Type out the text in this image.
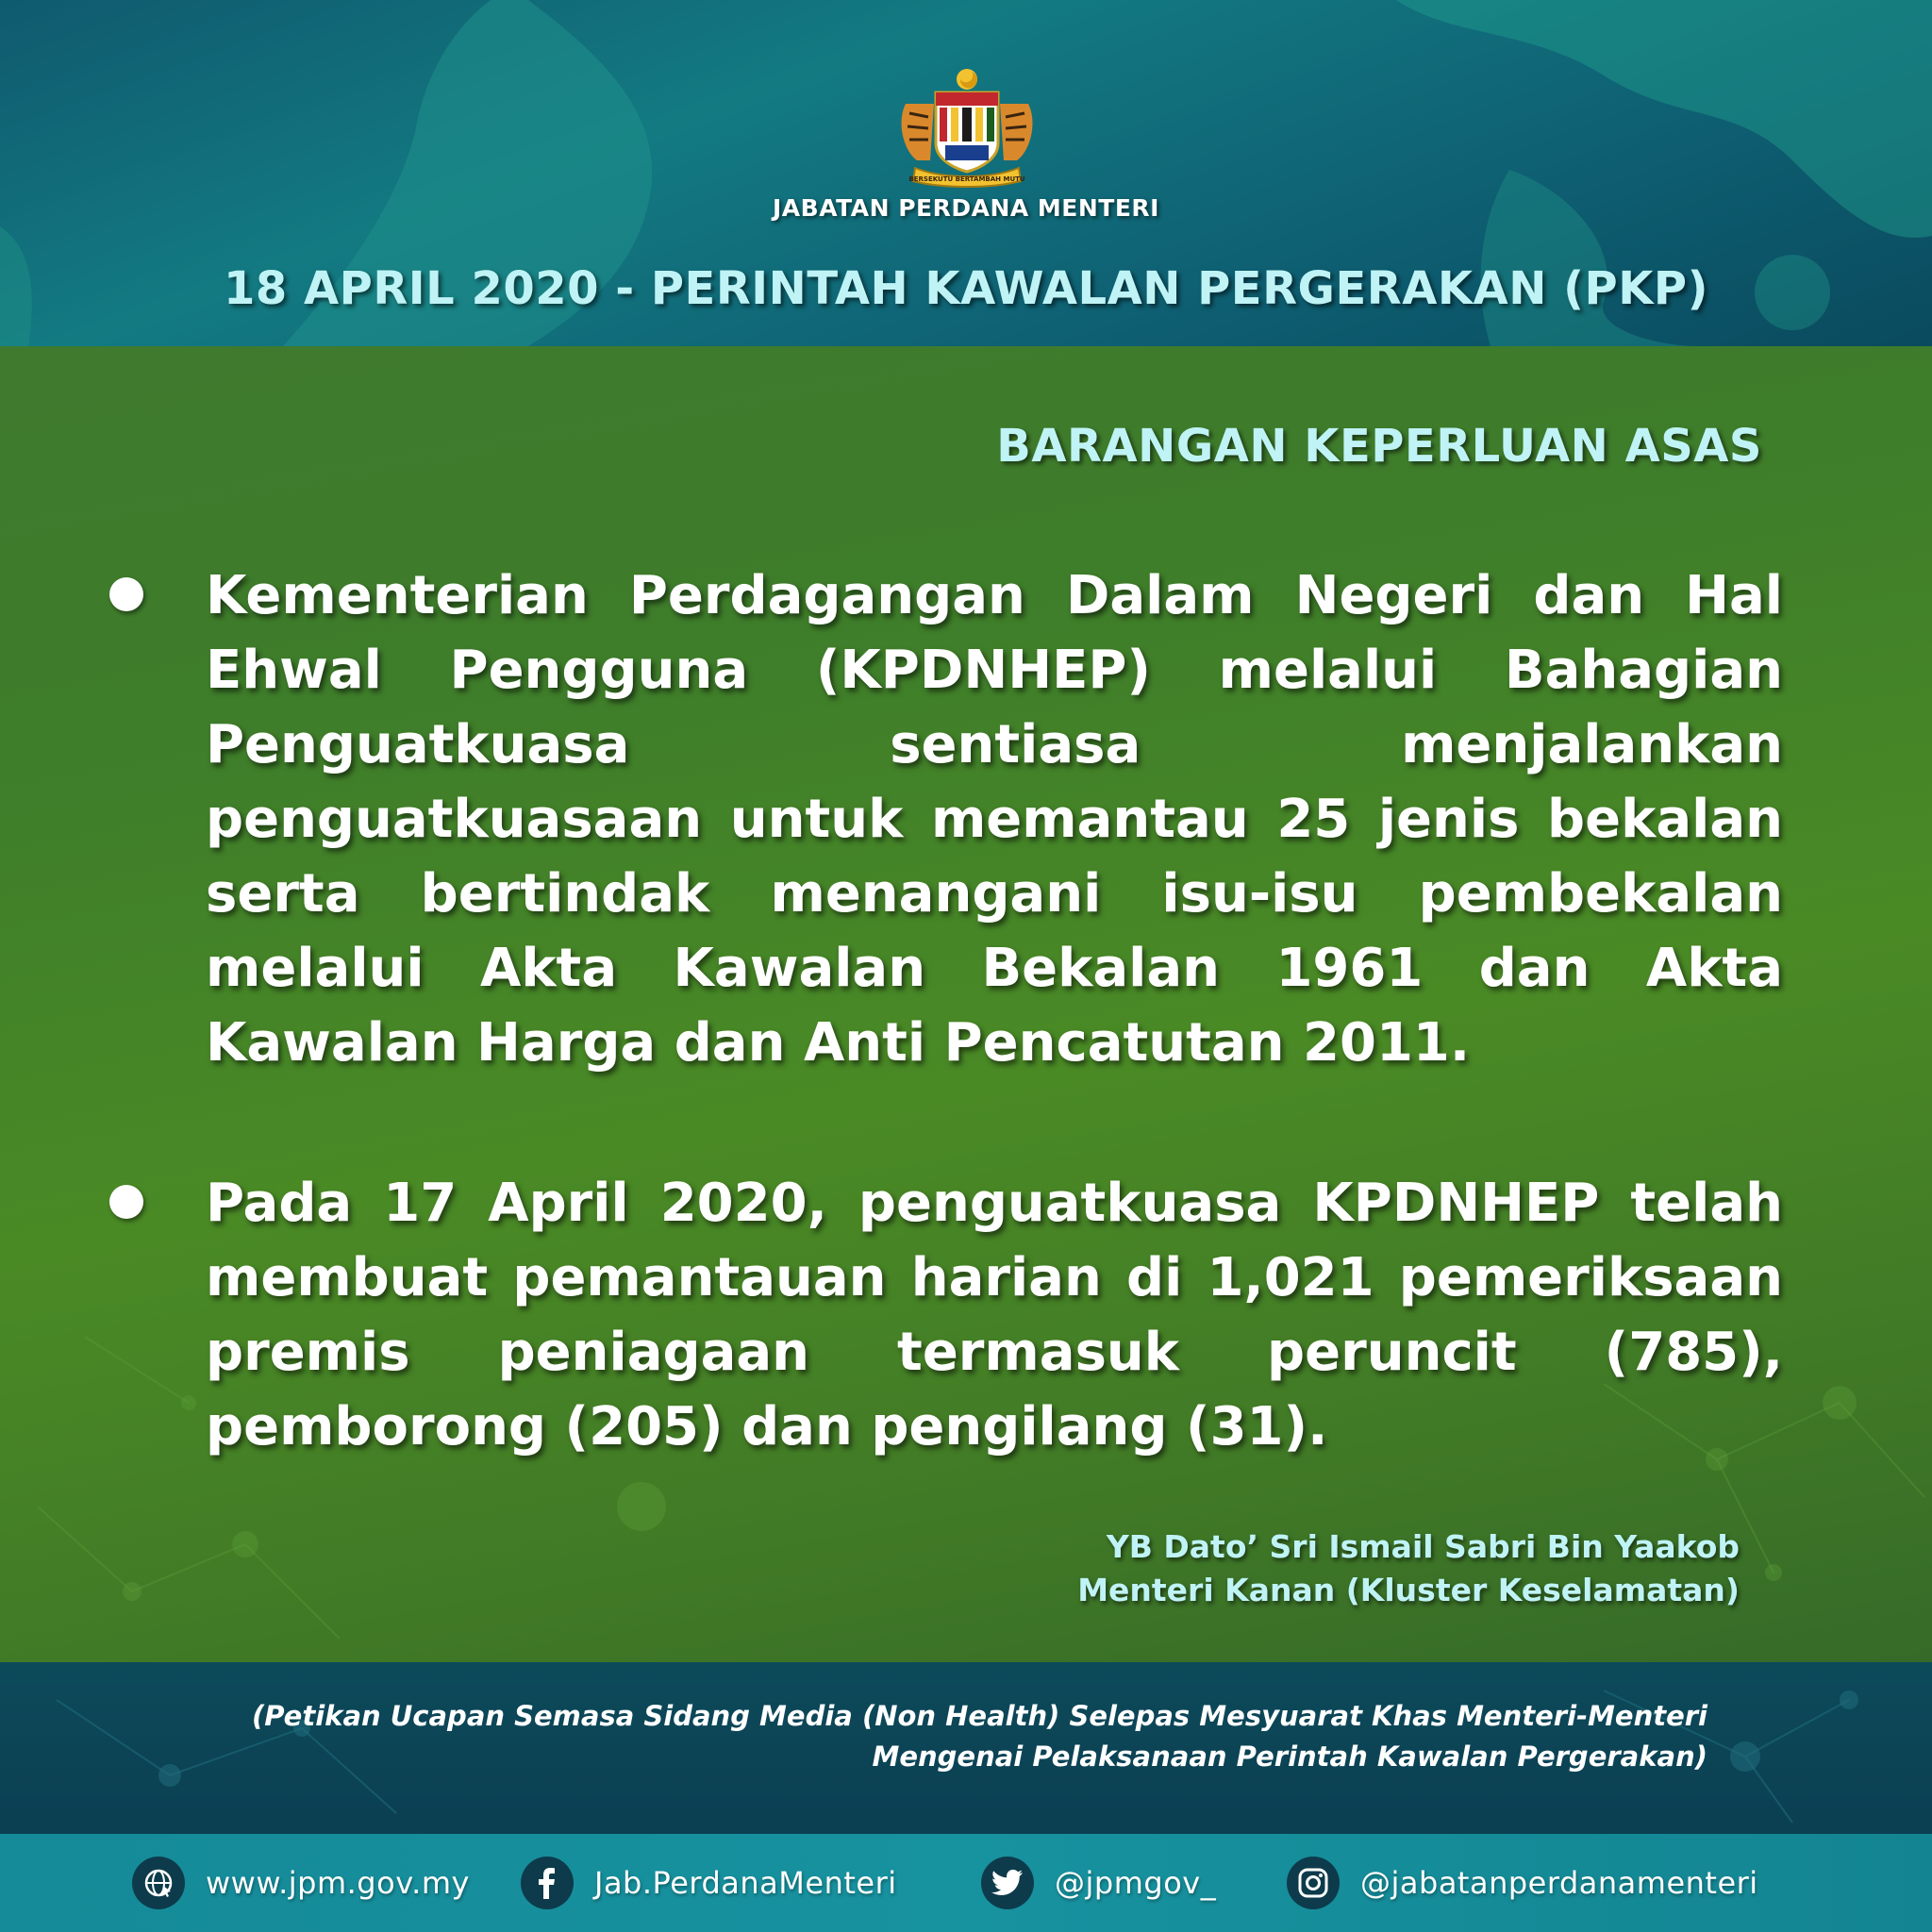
BERSEKUTU BERTAMBAH MUTU
JABATAN PERDANA MENTERI
18 APRIL 2020 - PERINTAH KAWALAN PERGERAKAN (PKP)
BARANGAN KEPERLUAN ASAS
Kementerian Perdagangan Dalam Negeri dan Hal Ehwal Pengguna (KPDNHEP) melalui Bahagian Penguatkuasa sentiasa menjalankan penguatkuasaan untuk memantau 25 jenis bekalan serta bertindak menangani isu-isu pembekalan melalui Akta Kawalan Bekalan 1961 dan Akta Kawalan Harga dan Anti Pencatutan 2011.
Pada 17 April 2020, penguatkuasa KPDNHEP telah membuat pemantauan harian di 1,021 pemeriksaan premis peniagaan termasuk peruncit (785), pemborong (205) dan pengilang (31).
YB Dato’ Sri Ismail Sabri Bin Yaakob
Menteri Kanan (Kluster Keselamatan)
(Petikan Ucapan Semasa Sidang Media (Non Health) Selepas Mesyuarat Khas Menteri-Menteri
Mengenai Pelaksanaan Perintah Kawalan Pergerakan)
www.jpm.gov.my	Jab.PerdanaMenteri	@jpmgov_	@jabatanperdanamenteri
